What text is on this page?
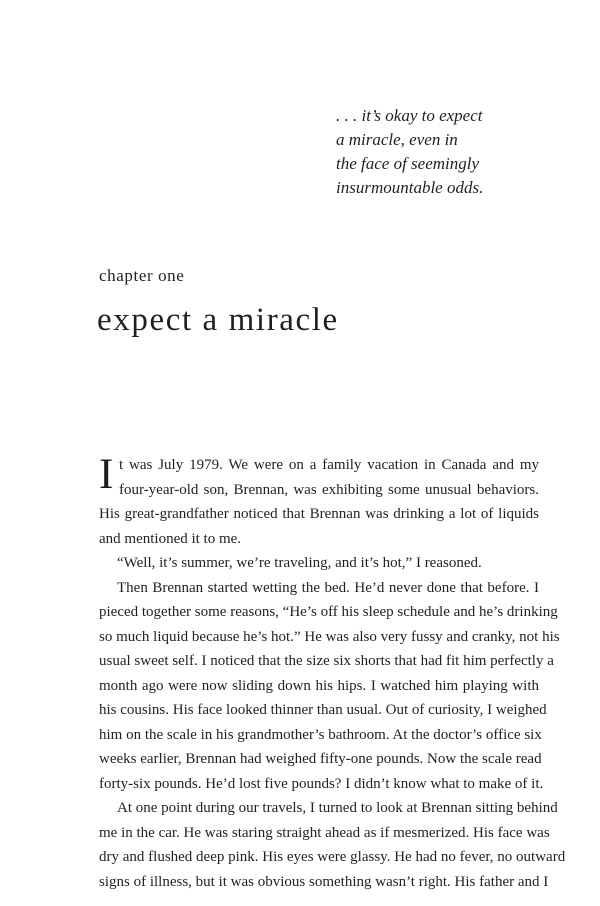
. . . it’s okay to expect
a miracle, even in
the face of seemingly
insurmountable odds.
chapter one
expect a miracle
I t was July 1979. We were on a family vacation in Canada and my
four-year-old son, Brennan, was exhibiting some unusual behaviors.
His great-grandfather noticed that Brennan was drinking a lot of liquids
and mentioned it to me.
“Well, it’s summer, we’re traveling, and it’s hot,” I reasoned.
Then Brennan started wetting the bed. He’d never done that before. I
pieced together some reasons, “He’s off his sleep schedule and he’s drinking
so much liquid because he’s hot.” He was also very fussy and cranky, not his
usual sweet self. I noticed that the size six shorts that had fit him perfectly a
month ago were now sliding down his hips. I watched him playing with
his cousins. His face looked thinner than usual. Out of curiosity, I weighed
him on the scale in his grandmother’s bathroom. At the doctor’s office six
weeks earlier, Brennan had weighed fifty-one pounds. Now the scale read
forty-six pounds. He’d lost five pounds? I didn’t know what to make of it.
At one point during our travels, I turned to look at Brennan sitting behind
me in the car. He was staring straight ahead as if mesmerized. His face was
dry and flushed deep pink. His eyes were glassy. He had no fever, no outward
signs of illness, but it was obvious something wasn’t right. His father and I
